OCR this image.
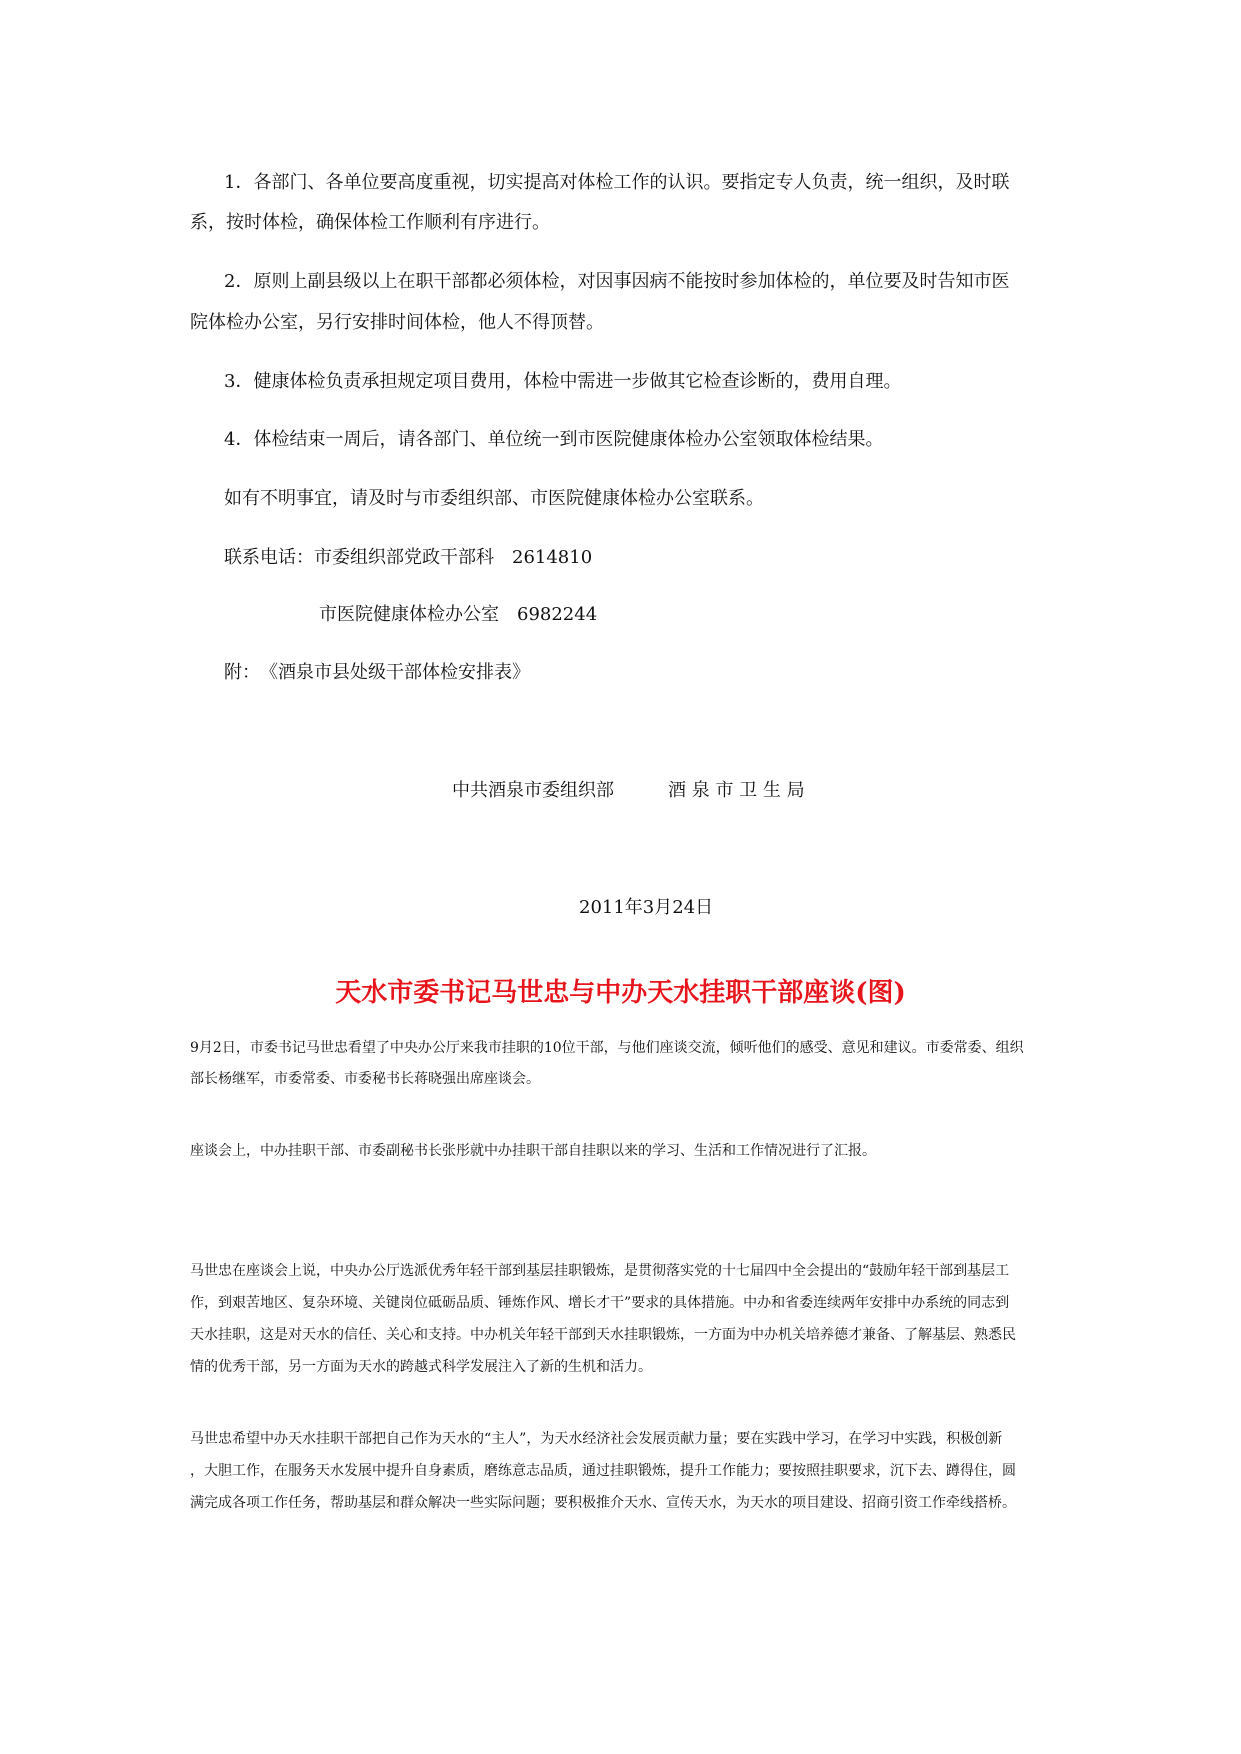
1．各部门、各单位要高度重视，切实提高对体检工作的认识。要指定专人负责，统一组织，及时联
系，按时体检，确保体检工作顺利有序进行。
2．原则上副县级以上在职干部都必须体检，对因事因病不能按时参加体检的，单位要及时告知市医
院体检办公室，另行安排时间体检，他人不得顶替。
3．健康体检负责承担规定项目费用，体检中需进一步做其它检查诊断的，费用自理。
4．体检结束一周后，请各部门、单位统一到市医院健康体检办公室领取体检结果。
如有不明事宜，请及时与市委组织部、市医院健康体检办公室联系。
联系电话：市委组织部党政干部科　2614810
市医院健康体检办公室　6982244
附：　《酒泉市县处级干部体检安排表》
中共酒泉市委组织部　　　酒 泉 市 卫 生 局
2011年3月24日
天水市委书记马世忠与中办天水挂职干部座谈(图)
9月2日，市委书记马世忠看望了中央办公厅来我市挂职的10位干部，与他们座谈交流，倾听他们的感受、意见和建议。市委常委、组织
部长杨继军，市委常委、市委秘书长蒋晓强出席座谈会。
座谈会上，中办挂职干部、市委副秘书长张彤就中办挂职干部自挂职以来的学习、生活和工作情况进行了汇报。
马世忠在座谈会上说，中央办公厅选派优秀年轻干部到基层挂职锻炼，是贯彻落实党的十七届四中全会提出的“鼓励年轻干部到基层工
作，到艰苦地区、复杂环境、关键岗位砥砺品质、锤炼作风、增长才干”要求的具体措施。中办和省委连续两年安排中办系统的同志到
天水挂职，这是对天水的信任、关心和支持。中办机关年轻干部到天水挂职锻炼，一方面为中办机关培养德才兼备、了解基层、熟悉民
情的优秀干部，另一方面为天水的跨越式科学发展注入了新的生机和活力。
马世忠希望中办天水挂职干部把自己作为天水的“主人”，为天水经济社会发展贡献力量；要在实践中学习，在学习中实践，积极创新
，大胆工作，在服务天水发展中提升自身素质，磨练意志品质，通过挂职锻炼，提升工作能力；要按照挂职要求，沉下去、蹲得住，圆
满完成各项工作任务，帮助基层和群众解决一些实际问题；要积极推介天水、宣传天水，为天水的项目建设、招商引资工作牵线搭桥。
